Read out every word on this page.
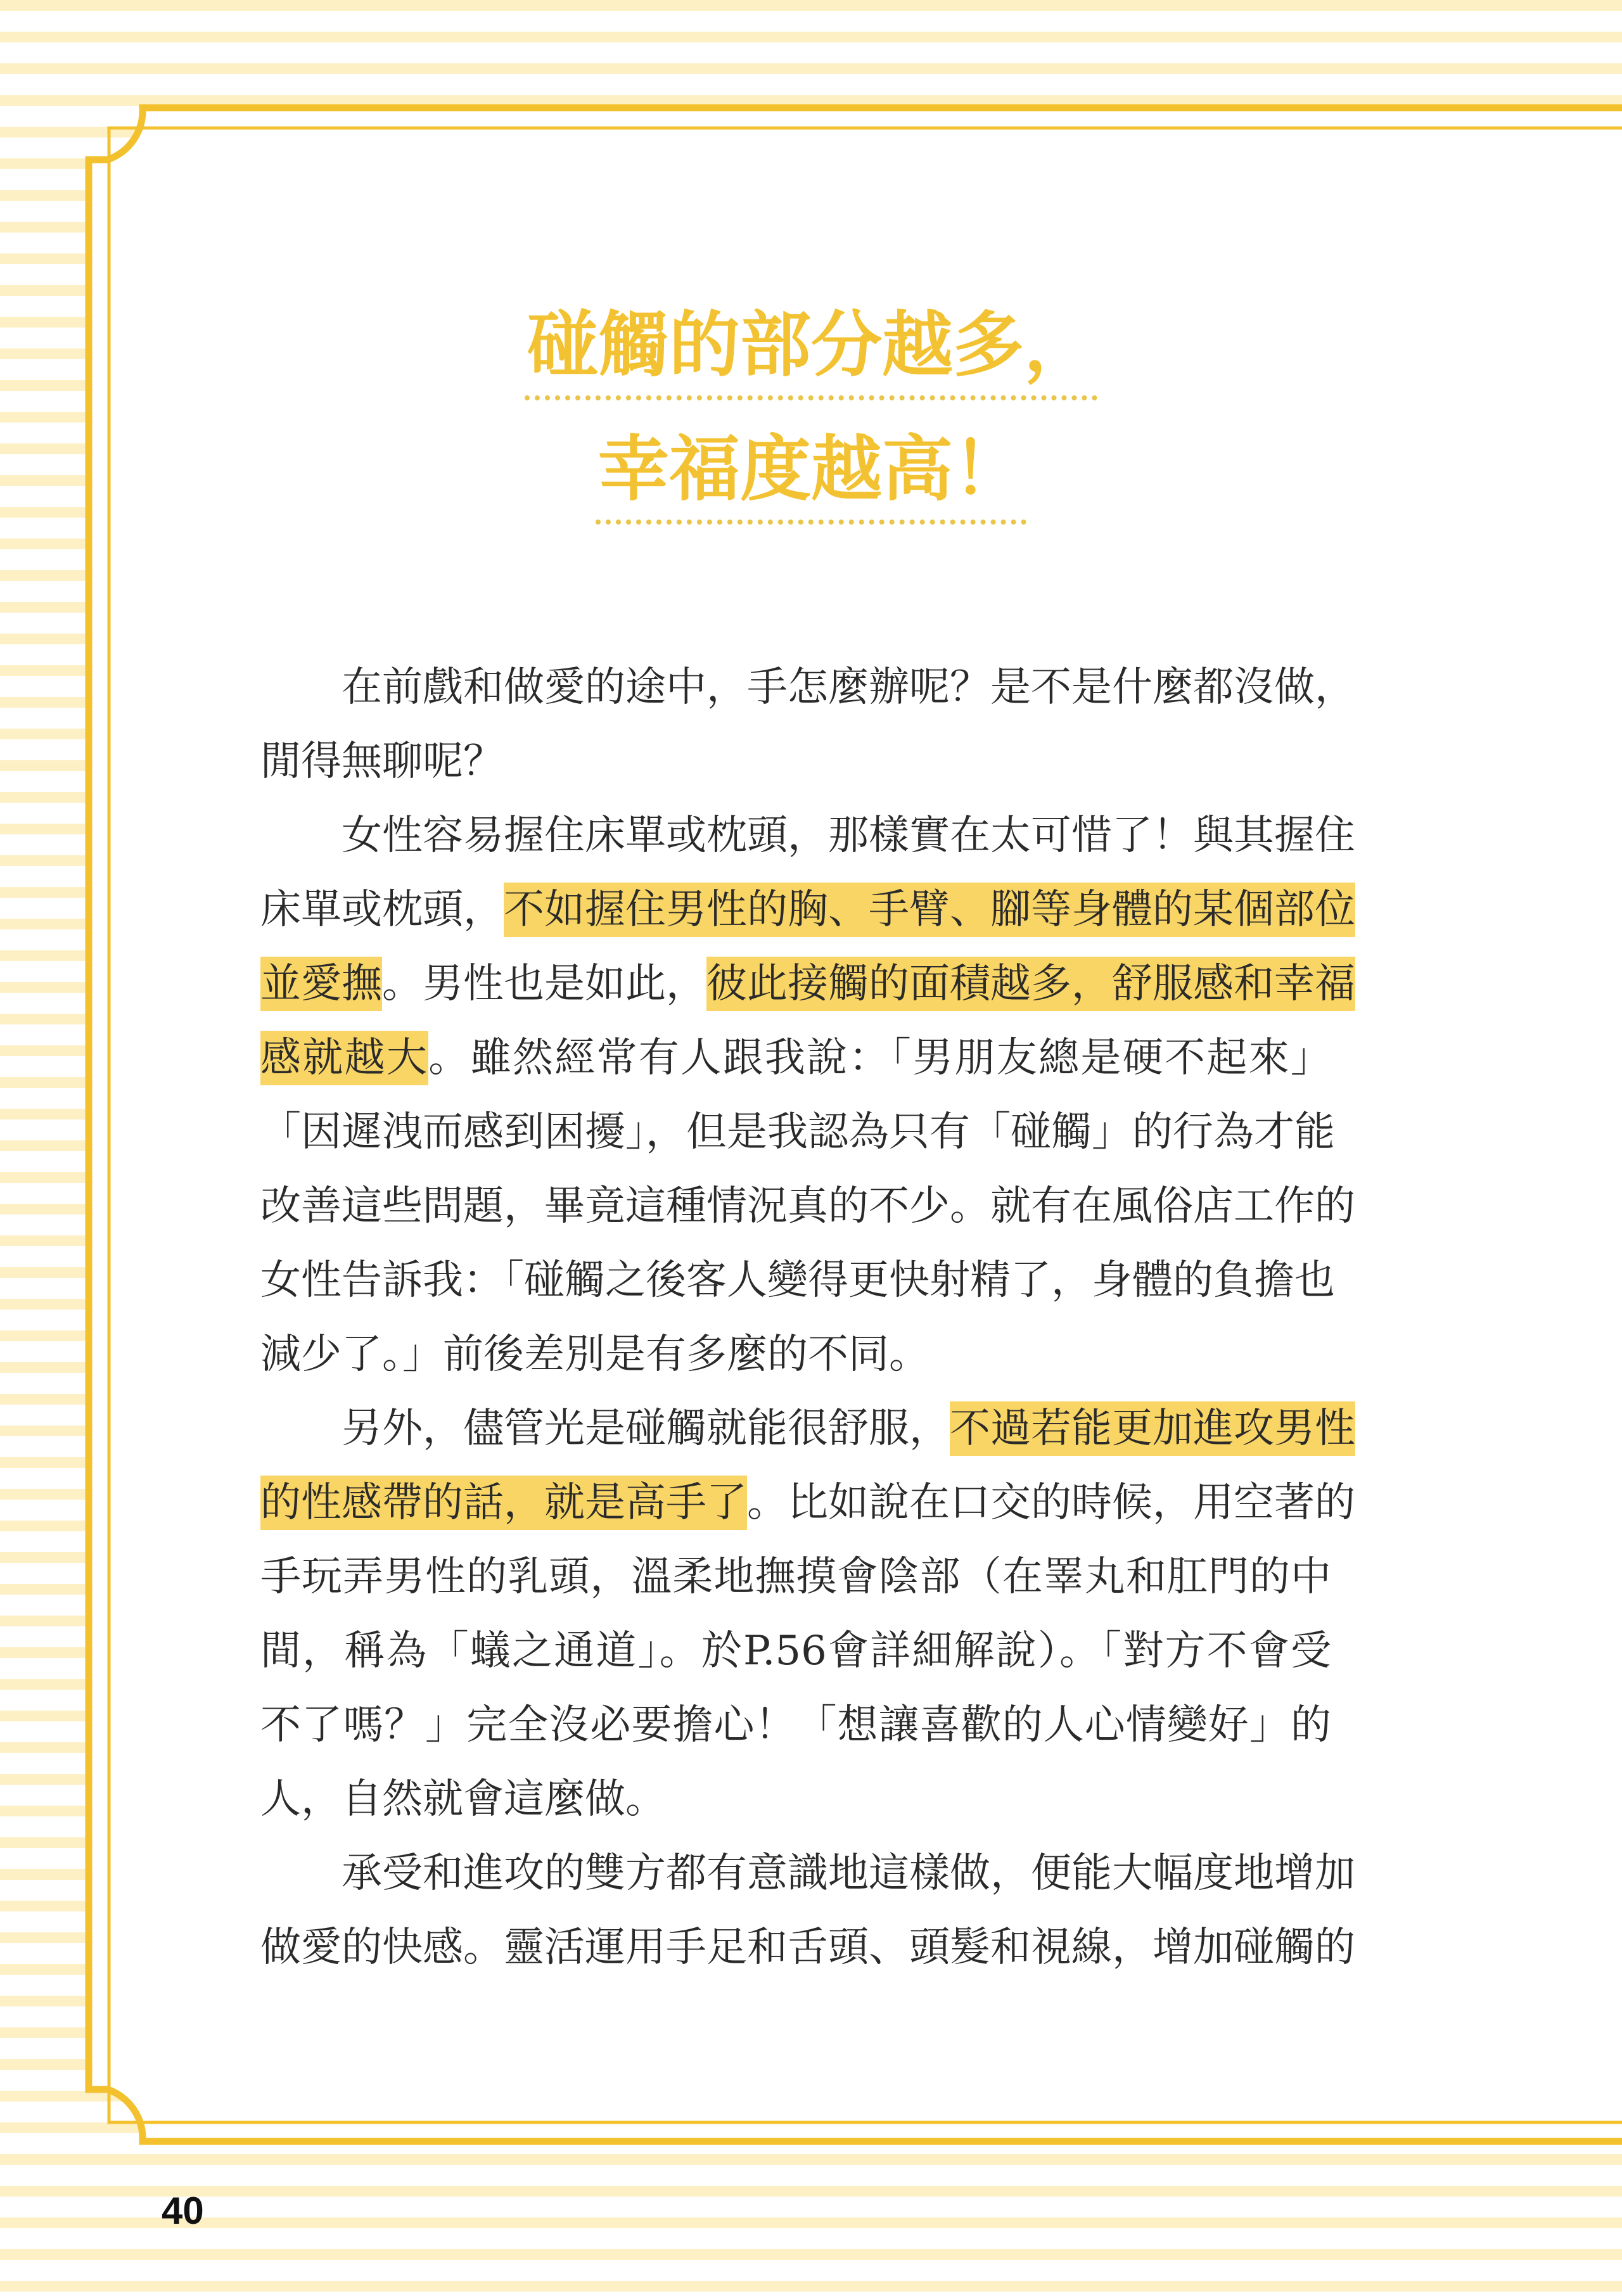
碰觸的部分越多，
幸福度越高！
在前戲和做愛的途中，手怎麼辦呢？是不是什麼都沒做，
閒得無聊呢？
女性容易握住床單或枕頭，那樣實在太可惜了！與其握住
床單或枕頭，不如握住男性的胸、手臂、腳等身體的某個部位
並愛撫。男性也是如此，彼此接觸的面積越多，舒服感和幸福
感就越大。雖然經常有人跟我說：「男朋友總是硬不起來」
「因遲洩而感到困擾」，但是我認為只有「碰觸」的行為才能
改善這些問題，畢竟這種情況真的不少。就有在風俗店工作的
女性告訴我：「碰觸之後客人變得更快射精了，身體的負擔也
減少了。」前後差別是有多麼的不同。
另外，儘管光是碰觸就能很舒服，不過若能更加進攻男性
的性感帶的話，就是高手了。比如說在口交的時候，用空著的
手玩弄男性的乳頭，溫柔地撫摸會陰部（在睪丸和肛門的中
間，稱為「蟻之通道」。於P.56會詳細解說）。「對方不會受
不了嗎？」完全沒必要擔心！「想讓喜歡的人心情變好」的
人，自然就會這麼做。
承受和進攻的雙方都有意識地這樣做，便能大幅度地增加
做愛的快感。靈活運用手足和舌頭、頭髮和視線，增加碰觸的
40
